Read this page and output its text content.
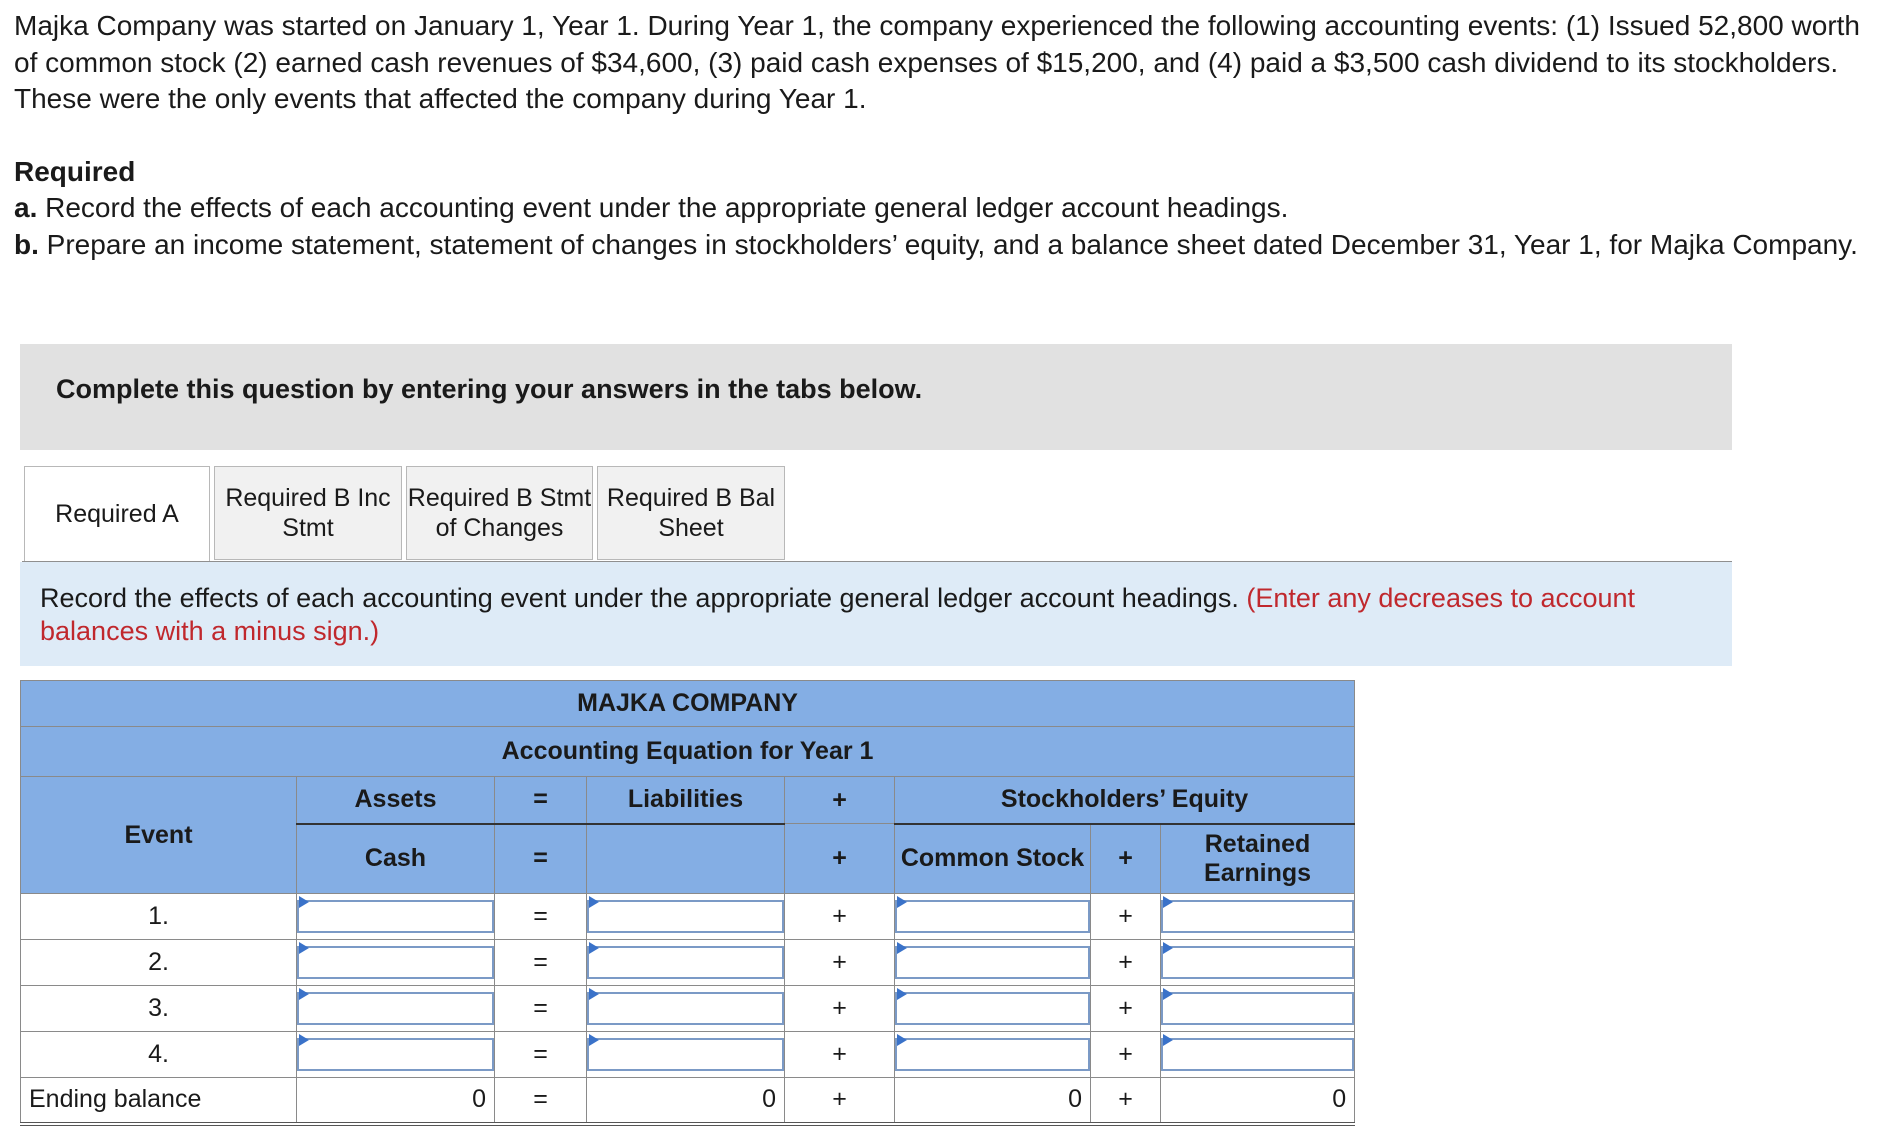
Majka Company was started on January 1, Year 1. During Year 1, the company experienced the following accounting events: (1) Issued 52,800 worth of common stock (2) earned cash revenues of $34,600, (3) paid cash expenses of $15,200, and (4) paid a $3,500 cash dividend to its stockholders. These were the only events that affected the company during Year 1.

Required

a. Record the effects of each accounting event under the appropriate general ledger account headings.

b. Prepare an income statement, statement of changes in stockholders’ equity, and a balance sheet dated December 31, Year 1, for Majka Company.

Complete this question by entering your answers in the tabs below.
Required A
Required B Inc Stmt
Required B Stmt of Changes
Required B Bal Sheet
Record the effects of each accounting event under the appropriate general ledger account headings. (Enter any decreases to account balances with a minus sign.)
MAJKA COMPANY							
Accounting Equation for Year 1							
Event	Assets	=	Liabilities	+	Stockholders’ Equity		
	Cash	=		+	Common Stock	+	Retained Earnings
1.		=		+		+	

2.		=		+		+	

3.		=		+		+	

4.		=		+		+	

Ending balance	0	=	0	+	0	+	0
